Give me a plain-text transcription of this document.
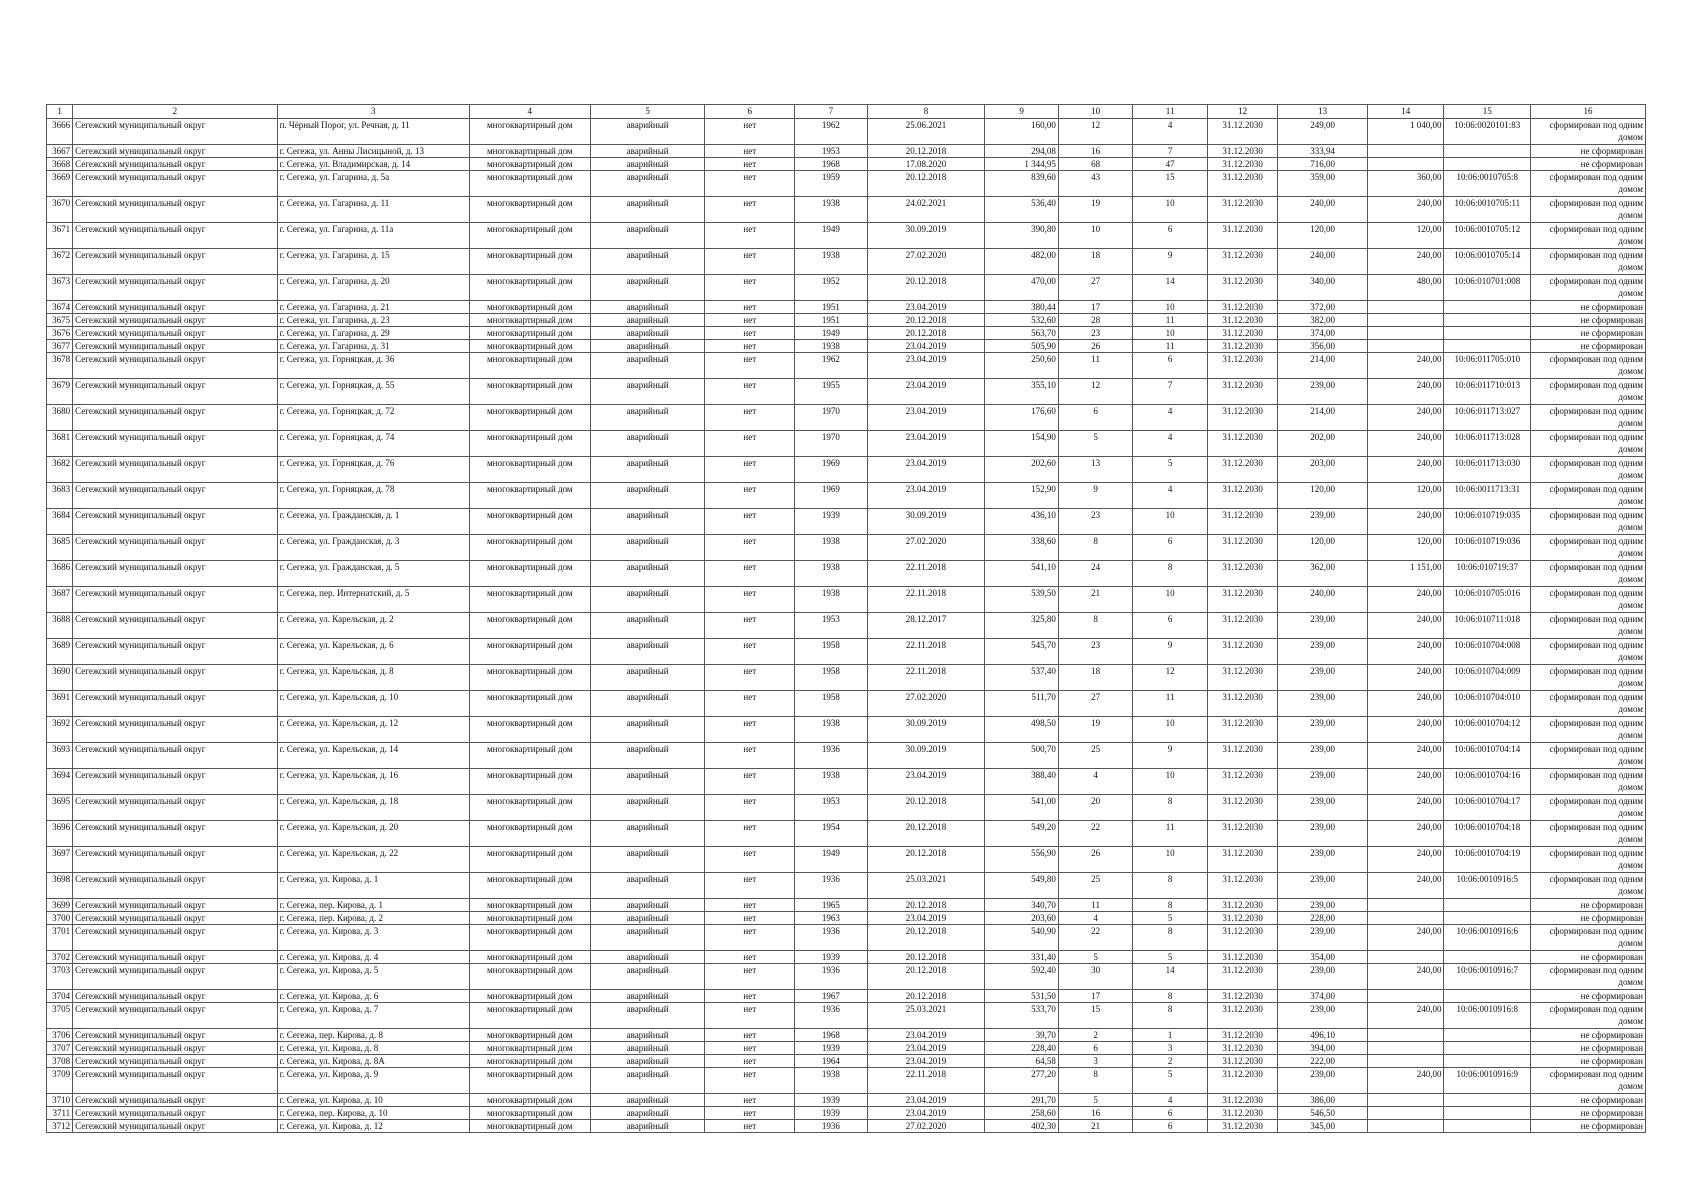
1	2	3	4	5	6	7	8	9	10	11	12	13	14	15	16
3666	Сегежский муниципальный округ	п. Чёрный Порог, ул. Речная, д. 11	многоквартирный дом	аварийный	нет	1962	25.06.2021	160,00	12	4	31.12.2030	249,00	1 040,00	10:06:0020101:83	сформирован под одним домом
3667	Сегежский муниципальный округ	г. Сегежа, ул. Анны Лисицыной, д. 13	многоквартирный дом	аварийный	нет	1953	20.12.2018	294,08	16	7	31.12.2030	333,94			не сформирован
3668	Сегежский муниципальный округ	г. Сегежа, ул. Владимирская, д. 14	многоквартирный дом	аварийный	нет	1968	17.08.2020	1 344,95	68	47	31.12.2030	716,00			не сформирован
3669	Сегежский муниципальный округ	г. Сегежа, ул. Гагарина, д. 5а	многоквартирный дом	аварийный	нет	1959	20.12.2018	839,60	43	15	31.12.2030	359,00	360,00	10:06:0010705:8	сформирован под одним домом
3670	Сегежский муниципальный округ	г. Сегежа, ул. Гагарина, д. 11	многоквартирный дом	аварийный	нет	1938	24.02.2021	536,40	19	10	31.12.2030	240,00	240,00	10:06:0010705:11	сформирован под одним домом
3671	Сегежский муниципальный округ	г. Сегежа, ул. Гагарина, д. 11а	многоквартирный дом	аварийный	нет	1949	30.09.2019	390,80	10	6	31.12.2030	120,00	120,00	10:06:0010705:12	сформирован под одним домом
3672	Сегежский муниципальный округ	г. Сегежа, ул. Гагарина, д. 15	многоквартирный дом	аварийный	нет	1938	27.02.2020	482,00	18	9	31.12.2030	240,00	240,00	10:06:0010705:14	сформирован под одним домом
3673	Сегежский муниципальный округ	г. Сегежа, ул. Гагарина, д. 20	многоквартирный дом	аварийный	нет	1952	20.12.2018	470,00	27	14	31.12.2030	340,00	480,00	10:06:010701:008	сформирован под одним домом
3674	Сегежский муниципальный округ	г. Сегежа, ул. Гагарина, д. 21	многоквартирный дом	аварийный	нет	1951	23.04.2019	380,44	17	10	31.12.2030	372,00			не сформирован
3675	Сегежский муниципальный округ	г. Сегежа, ул. Гагарина, д. 23	многоквартирный дом	аварийный	нет	1951	20.12.2018	532,60	28	11	31.12.2030	382,00			не сформирован
3676	Сегежский муниципальный округ	г. Сегежа, ул. Гагарина, д. 29	многоквартирный дом	аварийный	нет	1949	20.12.2018	563,70	23	10	31.12.2030	374,00			не сформирован
3677	Сегежский муниципальный округ	г. Сегежа, ул. Гагарина, д. 31	многоквартирный дом	аварийный	нет	1938	23.04.2019	505,90	26	11	31.12.2030	356,00			не сформирован
3678	Сегежский муниципальный округ	г. Сегежа, ул. Горняцкая, д. 36	многоквартирный дом	аварийный	нет	1962	23.04.2019	250,60	11	6	31.12.2030	214,00	240,00	10:06:011705:010	сформирован под одним домом
3679	Сегежский муниципальный округ	г. Сегежа, ул. Горняцкая, д. 55	многоквартирный дом	аварийный	нет	1955	23.04.2019	355,10	12	7	31.12.2030	239,00	240,00	10:06:011710:013	сформирован под одним домом
3680	Сегежский муниципальный округ	г. Сегежа, ул. Горняцкая, д. 72	многоквартирный дом	аварийный	нет	1970	23.04.2019	176,60	6	4	31.12.2030	214,00	240,00	10:06:011713:027	сформирован под одним домом
3681	Сегежский муниципальный округ	г. Сегежа, ул. Горняцкая, д. 74	многоквартирный дом	аварийный	нет	1970	23.04.2019	154,90	5	4	31.12.2030	202,00	240,00	10:06:011713:028	сформирован под одним домом
3682	Сегежский муниципальный округ	г. Сегежа, ул. Горняцкая, д. 76	многоквартирный дом	аварийный	нет	1969	23.04.2019	202,60	13	5	31.12.2030	203,00	240,00	10:06:011713:030	сформирован под одним домом
3683	Сегежский муниципальный округ	г. Сегежа, ул. Горняцкая, д. 78	многоквартирный дом	аварийный	нет	1969	23.04.2019	152,90	9	4	31.12.2030	120,00	120,00	10:06:0011713:31	сформирован под одним домом
3684	Сегежский муниципальный округ	г. Сегежа, ул. Гражданская, д. 1	многоквартирный дом	аварийный	нет	1939	30.09.2019	436,10	23	10	31.12.2030	239,00	240,00	10:06:010719:035	сформирован под одним домом
3685	Сегежский муниципальный округ	г. Сегежа, ул. Гражданская, д. 3	многоквартирный дом	аварийный	нет	1938	27.02.2020	338,60	8	6	31.12.2030	120,00	120,00	10:06:010719:036	сформирован под одним домом
3686	Сегежский муниципальный округ	г. Сегежа, ул. Гражданская, д. 5	многоквартирный дом	аварийный	нет	1938	22.11.2018	541,10	24	8	31.12.2030	362,00	1 151,00	10:06:010719:37	сформирован под одним домом
3687	Сегежский муниципальный округ	г. Сегежа, пер. Интернатский, д. 5	многоквартирный дом	аварийный	нет	1938	22.11.2018	539,50	21	10	31.12.2030	240,00	240,00	10:06:010705:016	сформирован под одним домом
3688	Сегежский муниципальный округ	г. Сегежа, ул. Карельская, д. 2	многоквартирный дом	аварийный	нет	1953	28.12.2017	325,80	8	6	31.12.2030	239,00	240,00	10:06:010711:018	сформирован под одним домом
3689	Сегежский муниципальный округ	г. Сегежа, ул. Карельская, д. 6	многоквартирный дом	аварийный	нет	1958	22.11.2018	545,70	23	9	31.12.2030	239,00	240,00	10:06:010704:008	сформирован под одним домом
3690	Сегежский муниципальный округ	г. Сегежа, ул. Карельская, д. 8	многоквартирный дом	аварийный	нет	1958	22.11.2018	537,40	18	12	31.12.2030	239,00	240,00	10:06:010704:009	сформирован под одним домом
3691	Сегежский муниципальный округ	г. Сегежа, ул. Карельская, д. 10	многоквартирный дом	аварийный	нет	1958	27.02.2020	511,70	27	11	31.12.2030	239,00	240,00	10:06:010704:010	сформирован под одним домом
3692	Сегежский муниципальный округ	г. Сегежа, ул. Карельская, д. 12	многоквартирный дом	аварийный	нет	1938	30.09.2019	498,50	19	10	31.12.2030	239,00	240,00	10:06:0010704:12	сформирован под одним домом
3693	Сегежский муниципальный округ	г. Сегежа, ул. Карельская, д. 14	многоквартирный дом	аварийный	нет	1936	30.09.2019	500,70	25	9	31.12.2030	239,00	240,00	10:06:0010704:14	сформирован под одним домом
3694	Сегежский муниципальный округ	г. Сегежа, ул. Карельская, д. 16	многоквартирный дом	аварийный	нет	1938	23.04.2019	388,40	4	10	31.12.2030	239,00	240,00	10:06:0010704:16	сформирован под одним домом
3695	Сегежский муниципальный округ	г. Сегежа, ул. Карельская, д. 18	многоквартирный дом	аварийный	нет	1953	20.12.2018	541,00	20	8	31.12.2030	239,00	240,00	10:06:0010704:17	сформирован под одним домом
3696	Сегежский муниципальный округ	г. Сегежа, ул. Карельская, д. 20	многоквартирный дом	аварийный	нет	1954	20.12.2018	549,20	22	11	31.12.2030	239,00	240,00	10:06:0010704:18	сформирован под одним домом
3697	Сегежский муниципальный округ	г. Сегежа, ул. Карельская, д. 22	многоквартирный дом	аварийный	нет	1949	20.12.2018	556,90	26	10	31.12.2030	239,00	240,00	10:06:0010704:19	сформирован под одним домом
3698	Сегежский муниципальный округ	г. Сегежа, ул. Кирова, д. 1	многоквартирный дом	аварийный	нет	1936	25.03.2021	549,80	25	8	31.12.2030	239,00	240,00	10:06:0010916:5	сформирован под одним домом
3699	Сегежский муниципальный округ	г. Сегежа, пер. Кирова, д. 1	многоквартирный дом	аварийный	нет	1965	20.12.2018	340,70	11	8	31.12.2030	239,00			не сформирован
3700	Сегежский муниципальный округ	г. Сегежа, пер. Кирова, д. 2	многоквартирный дом	аварийный	нет	1963	23.04.2019	203,60	4	5	31.12.2030	228,00			не сформирован
3701	Сегежский муниципальный округ	г. Сегежа, ул. Кирова, д. 3	многоквартирный дом	аварийный	нет	1936	20.12.2018	540,90	22	8	31.12.2030	239,00	240,00	10:06:0010916:6	сформирован под одним домом
3702	Сегежский муниципальный округ	г. Сегежа, ул. Кирова, д. 4	многоквартирный дом	аварийный	нет	1939	20.12.2018	331,40	5	5	31.12.2030	354,00			не сформирован
3703	Сегежский муниципальный округ	г. Сегежа, ул. Кирова, д. 5	многоквартирный дом	аварийный	нет	1936	20.12.2018	592,40	30	14	31.12.2030	239,00	240,00	10:06:0010916:7	сформирован под одним домом
3704	Сегежский муниципальный округ	г. Сегежа, ул. Кирова, д. 6	многоквартирный дом	аварийный	нет	1967	20.12.2018	531,50	17	8	31.12.2030	374,00			не сформирован
3705	Сегежский муниципальный округ	г. Сегежа, ул. Кирова, д. 7	многоквартирный дом	аварийный	нет	1936	25.03.2021	533,70	15	8	31.12.2030	239,00	240,00	10:06:0010916:8	сформирован под одним домом
3706	Сегежский муниципальный округ	г. Сегежа, пер. Кирова, д. 8	многоквартирный дом	аварийный	нет	1968	23.04.2019	39,70	2	1	31.12.2030	496,10			не сформирован
3707	Сегежский муниципальный округ	г. Сегежа, ул. Кирова, д. 8	многоквартирный дом	аварийный	нет	1939	23.04.2019	228,40	6	3	31.12.2030	394,00			не сформирован
3708	Сегежский муниципальный округ	г. Сегежа, ул. Кирова, д. 8А	многоквартирный дом	аварийный	нет	1964	23.04.2019	64,58	3	2	31.12.2030	222,00			не сформирован
3709	Сегежский муниципальный округ	г. Сегежа, ул. Кирова, д. 9	многоквартирный дом	аварийный	нет	1938	22.11.2018	277,20	8	5	31.12.2030	239,00	240,00	10:06:0010916:9	сформирован под одним домом
3710	Сегежский муниципальный округ	г. Сегежа, ул. Кирова, д. 10	многоквартирный дом	аварийный	нет	1939	23.04.2019	291,70	5	4	31.12.2030	386,00			не сформирован
3711	Сегежский муниципальный округ	г. Сегежа, пер. Кирова, д. 10	многоквартирный дом	аварийный	нет	1939	23.04.2019	258,60	16	6	31.12.2030	546,50			не сформирован
3712	Сегежский муниципальный округ	г. Сегежа, ул. Кирова, д. 12	многоквартирный дом	аварийный	нет	1936	27.02.2020	402,30	21	6	31.12.2030	345,00			не сформирован
